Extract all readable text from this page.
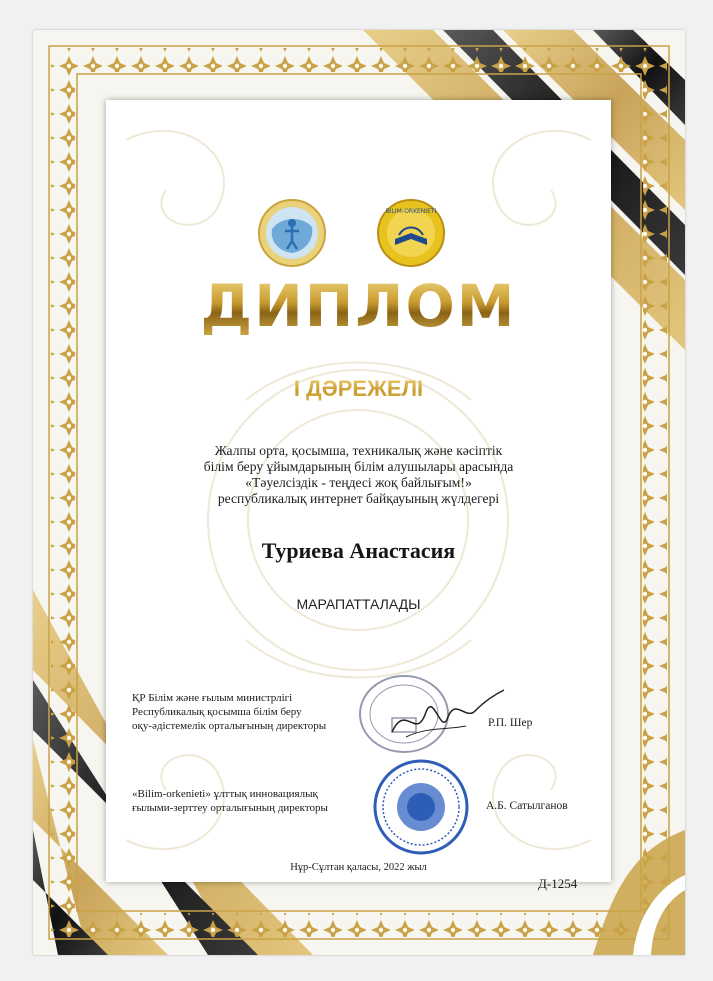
BILIM-ORKENIETI
ДИПЛОМ
І ДӘРЕЖЕЛІ
Жалпы орта, қосымша, техникалық және кәсіптік
білім беру ұйымдарының білім алушылары арасында
«Тәуелсіздік - теңдесі жоқ байлығым!»
республикалық интернет байқауының жүлдегері
Туриева Анастасия
МАРАПАТТАЛАДЫ
ҚР Білім және ғылым министрлігі
Республикалық қосымша білім беру
оқу-әдістемелік орталығының директоры	Р.П. Шер
«Bilim-orkenieti» ұлттық инновациялық
ғылыми-зерттеу орталығының директоры	А.Б. Сатылганов
Нұр-Сұлтан қаласы, 2022 жыл
Д-1254
